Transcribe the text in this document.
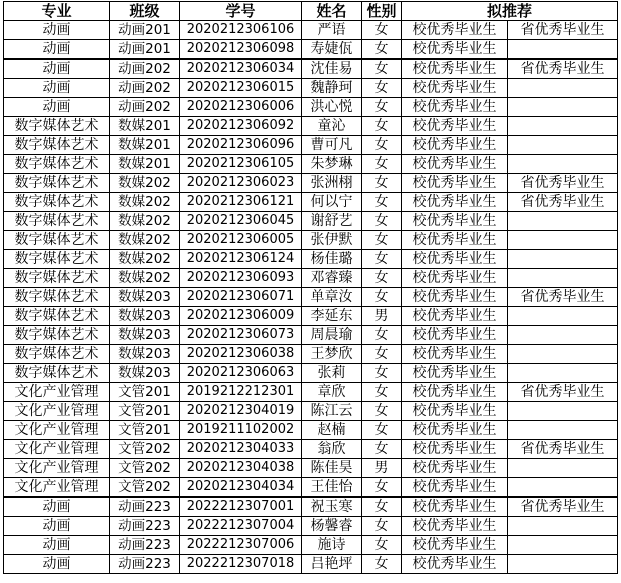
专业	班级	学号	姓名	性别	拟推荐	
动画	动画201	2020212306106	严语	女	校优秀毕业生	省优秀毕业生
动画	动画201	2020212306098	寿婕佤	女	校优秀毕业生	
动画	动画202	2020212306034	沈佳易	女	校优秀毕业生	省优秀毕业生
动画	动画202	2020212306015	魏静珂	女	校优秀毕业生	
动画	动画202	2020212306006	洪心悦	女	校优秀毕业生	
数字媒体艺术	数媒201	2020212306092	童沁	女	校优秀毕业生	
数字媒体艺术	数媒201	2020212306096	曹可凡	女	校优秀毕业生	
数字媒体艺术	数媒201	2020212306105	朱梦琳	女	校优秀毕业生	
数字媒体艺术	数媒202	2020212306023	张洲栩	女	校优秀毕业生	省优秀毕业生
数字媒体艺术	数媒202	2020212306121	何以宁	女	校优秀毕业生	省优秀毕业生
数字媒体艺术	数媒202	2020212306045	谢舒艺	女	校优秀毕业生	
数字媒体艺术	数媒202	2020212306005	张伊默	女	校优秀毕业生	
数字媒体艺术	数媒202	2020212306124	杨佳璐	女	校优秀毕业生	
数字媒体艺术	数媒202	2020212306093	邓睿臻	女	校优秀毕业生	
数字媒体艺术	数媒203	2020212306071	单章汝	女	校优秀毕业生	省优秀毕业生
数字媒体艺术	数媒203	2020212306009	李延东	男	校优秀毕业生	
数字媒体艺术	数媒203	2020212306073	周晨瑜	女	校优秀毕业生	
数字媒体艺术	数媒203	2020212306038	王梦欣	女	校优秀毕业生	
数字媒体艺术	数媒203	2020212306063	张莉	女	校优秀毕业生	
文化产业管理	文管201	2019212212301	章欣	女	校优秀毕业生	省优秀毕业生
文化产业管理	文管201	2020212304019	陈江云	女	校优秀毕业生	
文化产业管理	文管201	2019211102002	赵楠	女	校优秀毕业生	
文化产业管理	文管202	2020212304033	翁欣	女	校优秀毕业生	省优秀毕业生
文化产业管理	文管202	2020212304038	陈佳昊	男	校优秀毕业生	
文化产业管理	文管202	2020212304034	王佳怡	女	校优秀毕业生	
动画	动画223	2022212307001	祝玉寒	女	校优秀毕业生	省优秀毕业生
动画	动画223	2022212307004	杨馨睿	女	校优秀毕业生	
动画	动画223	2022212307006	施诗	女	校优秀毕业生	
动画	动画223	2022212307018	吕艳坪	女	校优秀毕业生	
